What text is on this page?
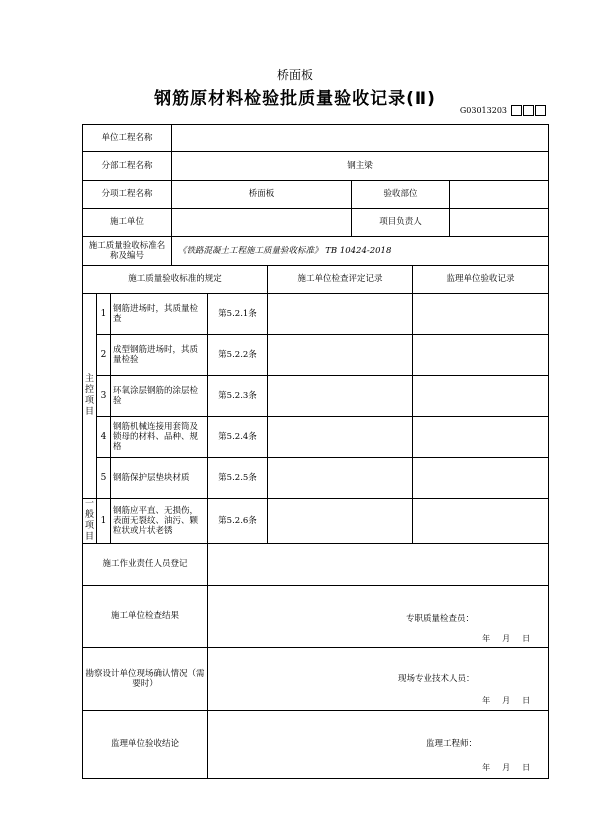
桥面板
钢筋原材料检验批质量验收记录(Ⅱ)
G03013203
单位工程名称								
分部工程名称			钢主梁					
分项工程名称			桥面板			验收部位		
施工单位						项目负责人		
施工质量验收标准名称及编号			《铁路混凝土工程施工质量验收标准》 TB 10424-2018					
施工质量验收标准的规定					施工单位检查评定记录		监理单位验收记录	
主控项目	1	钢筋进场时，其质量检查		第5.2.1条				
	2	成型钢筋进场时，其质量检验		第5.2.2条				
	3	环氧涂层钢筋的涂层检验		第5.2.3条				
	4	钢筋机械连接用套筒及锁母的材料、品种、规格		第5.2.4条				
	5	钢筋保护层垫块材质		第5.2.5条				
一般项目	1	钢筋应平直、无损伤，表面无裂纹、油污、颗粒状或片状老锈		第5.2.6条				
施工作业责任人员登记								
施工单位检查结果				专职质量检查员：
年 月 日				

勘察设计单位现场确认情况（需要时）				现场专业技术人员：
年 月 日				

监理单位验收结论				监理工程师：
年 月 日				
